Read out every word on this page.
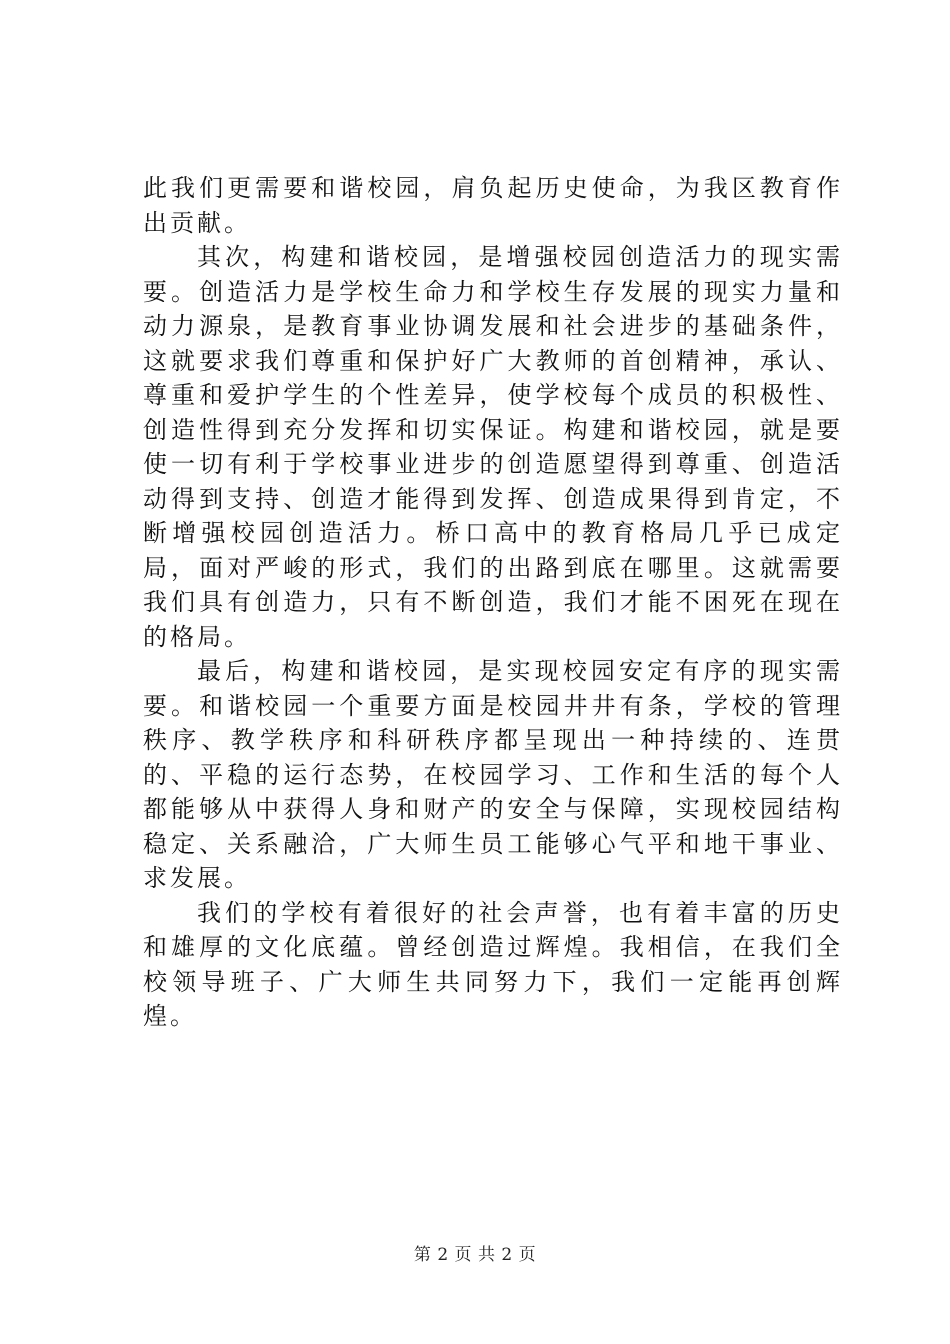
此我们更需要和谐校园，肩负起历史使命，为我区教育作出贡献。

其次，构建和谐校园，是增强校园创造活力的现实需要。创造活力是学校生命力和学校生存发展的现实力量和动力源泉，是教育事业协调发展和社会进步的基础条件，这就要求我们尊重和保护好广大教师的首创精神，承认、尊重和爱护学生的个性差异，使学校每个成员的积极性、创造性得到充分发挥和切实保证。构建和谐校园，就是要使一切有利于学校事业进步的创造愿望得到尊重、创造活动得到支持、创造才能得到发挥、创造成果得到肯定，不断增强校园创造活力。桥口高中的教育格局几乎已成定局，面对严峻的形式，我们的出路到底在哪里。这就需要我们具有创造力，只有不断创造，我们才能不困死在现在的格局。

最后，构建和谐校园，是实现校园安定有序的现实需要。和谐校园一个重要方面是校园井井有条，学校的管理秩序、教学秩序和科研秩序都呈现出一种持续的、连贯的、平稳的运行态势，在校园学习、工作和生活的每个人都能够从中获得人身和财产的安全与保障，实现校园结构稳定、关系融洽，广大师生员工能够心气平和地干事业、求发展。

我们的学校有着很好的社会声誉，也有着丰富的历史和雄厚的文化底蕴。曾经创造过辉煌。我相信，在我们全校领导班子、广大师生共同努力下，我们一定能再创辉煌。

第 2 页 共 2 页
